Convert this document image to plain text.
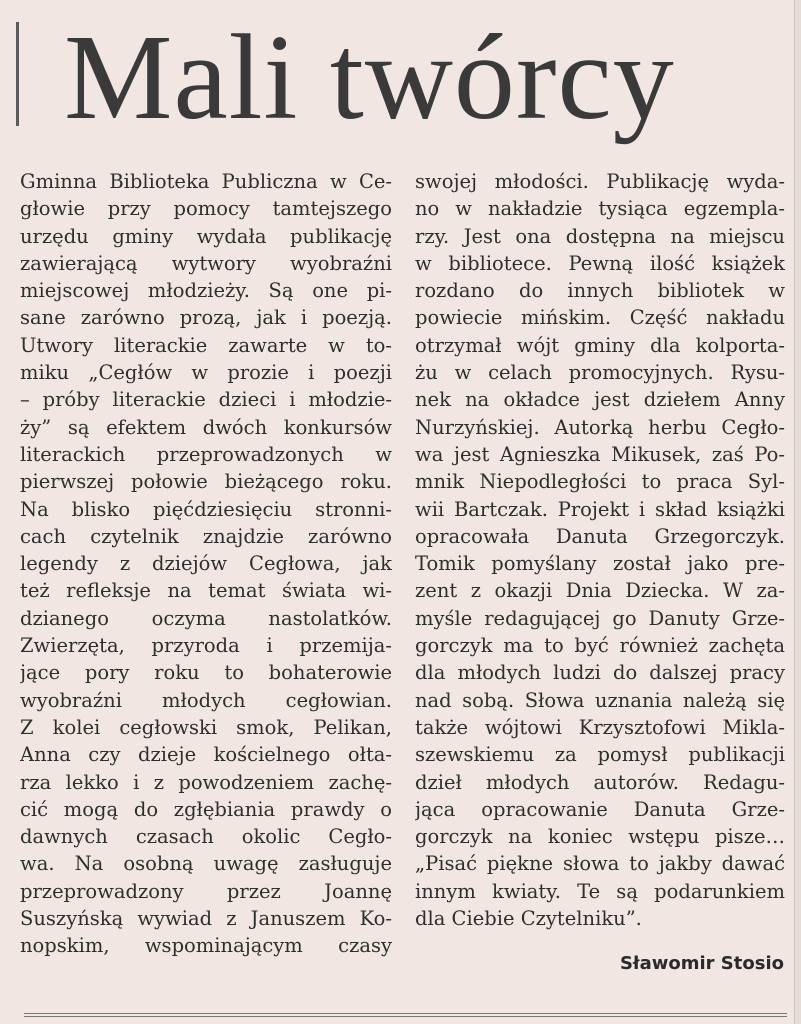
Mali twórcy
Gminna Biblioteka Publiczna w Ce-
głowie przy pomocy tamtejszego
urzędu gminy wydała publikację
zawierającą wytwory wyobraźni
miejscowej młodzieży. Są one pi-
sane zarówno prozą, jak i poezją.
Utwory literackie zawarte w to-
miku „Cegłów w prozie i poezji
– próby literackie dzieci i młodzie-
ży” są efektem dwóch konkursów
literackich przeprowadzonych w
pierwszej połowie bieżącego roku.
Na blisko pięćdziesięciu stronni-
cach czytelnik znajdzie zarówno
legendy z dziejów Cegłowa, jak
też refleksje na temat świata wi-
dzianego oczyma nastolatków.
Zwierzęta, przyroda i przemija-
jące pory roku to bohaterowie
wyobraźni młodych cegłowian.
Z kolei cegłowski smok, Pelikan,
Anna czy dzieje kościelnego ołta-
rza lekko i z powodzeniem zachę-
cić mogą do zgłębiania prawdy o
dawnych czasach okolic Cegło-
wa. Na osobną uwagę zasługuje
przeprowadzony przez Joannę
Suszyńską wywiad z Januszem Ko-
nopskim, wspominającym czasy
swojej młodości. Publikację wyda-
no w nakładzie tysiąca egzempla-
rzy. Jest ona dostępna na miejscu
w bibliotece. Pewną ilość książek
rozdano do innych bibliotek w
powiecie mińskim. Część nakładu
otrzymał wójt gminy dla kolporta-
żu w celach promocyjnych. Rysu-
nek na okładce jest dziełem Anny
Nurzyńskiej. Autorką herbu Cegło-
wa jest Agnieszka Mikusek, zaś Po-
mnik Niepodległości to praca Syl-
wii Bartczak. Projekt i skład książki
opracowała Danuta Grzegorczyk.
Tomik pomyślany został jako pre-
zent z okazji Dnia Dziecka. W za-
myśle redagującej go Danuty Grze-
gorczyk ma to być również zachęta
dla młodych ludzi do dalszej pracy
nad sobą. Słowa uznania należą się
także wójtowi Krzysztofowi Mikla-
szewskiemu za pomysł publikacji
dzieł młodych autorów. Redagu-
jąca opracowanie Danuta Grze-
gorczyk na koniec wstępu pisze…
„Pisać piękne słowa to jakby dawać
innym kwiaty. Te są podarunkiem
dla Ciebie Czytelniku”.
Sławomir Stosio
